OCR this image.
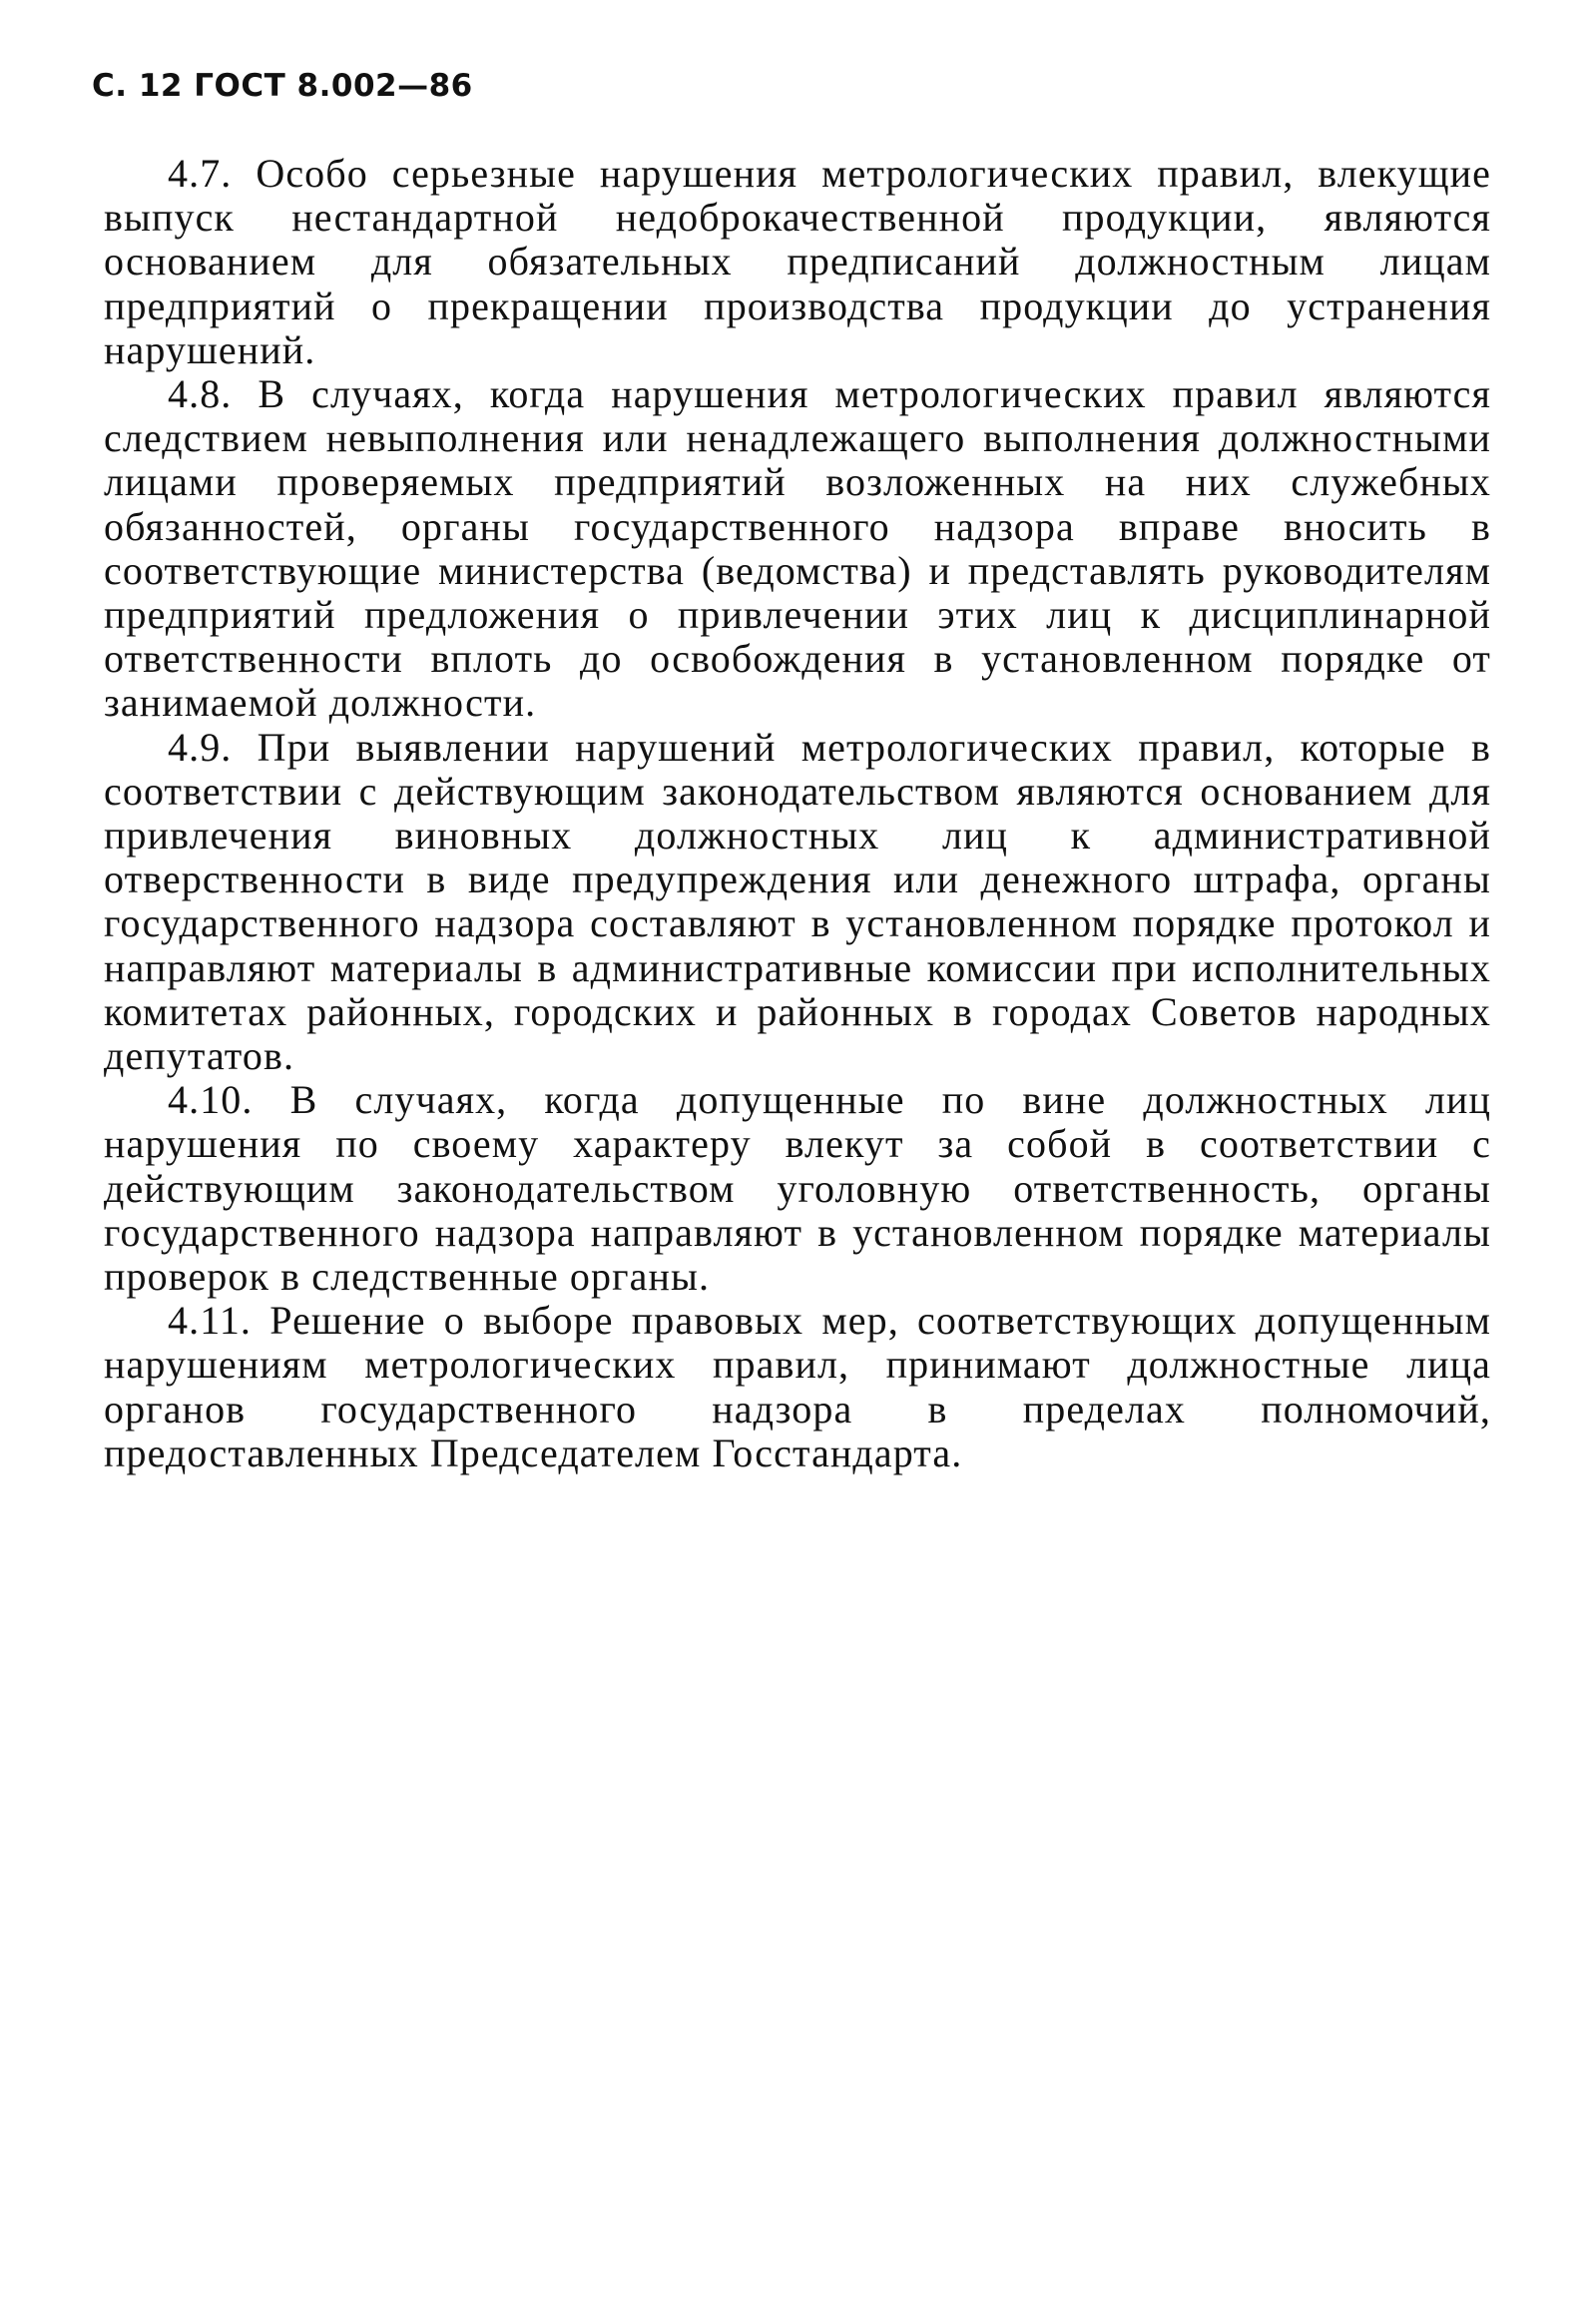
С. 12 ГОСТ 8.002—86

4.7. Особо серьезные нарушения метрологических правил, влекущие выпуск нестандартной недоброкачественной продукции, являются основанием для обязательных предписаний должностным лицам предприятий о прекращении производства продукции до устранения нарушений.

4.8. В случаях, когда нарушения метрологических правил являются следствием невыполнения или ненадлежащего выполнения должностными лицами проверяемых предприятий возложенных на них служебных обязанностей, органы государственного надзора вправе вносить в соответствующие министерства (ведомства) и представлять руководителям предприятий предложения о привлечении этих лиц к дисциплинарной ответственности вплоть до освобождения в установленном порядке от занимаемой должности.

4.9. При выявлении нарушений метрологических правил, которые в соответствии с действующим законодательством являются основанием для привлечения виновных должностных лиц к административной отверственности в виде предупреждения или денежного штрафа, органы государственного надзора составляют в установленном порядке протокол и направляют материалы в административные комиссии при исполнительных комитетах районных, городских и районных в городах Советов народных депутатов.

4.10. В случаях, когда допущенные по вине должностных лиц нарушения по своему характеру влекут за собой в соответствии с действующим законодательством уголовную ответственность, органы государственного надзора направляют в установленном порядке материалы проверок в следственные органы.

4.11. Решение о выборе правовых мер, соответствующих допущенным нарушениям метрологических правил, принимают должностные лица органов государственного надзора в пределах полномочий, предоставленных Председателем Госстандарта.
